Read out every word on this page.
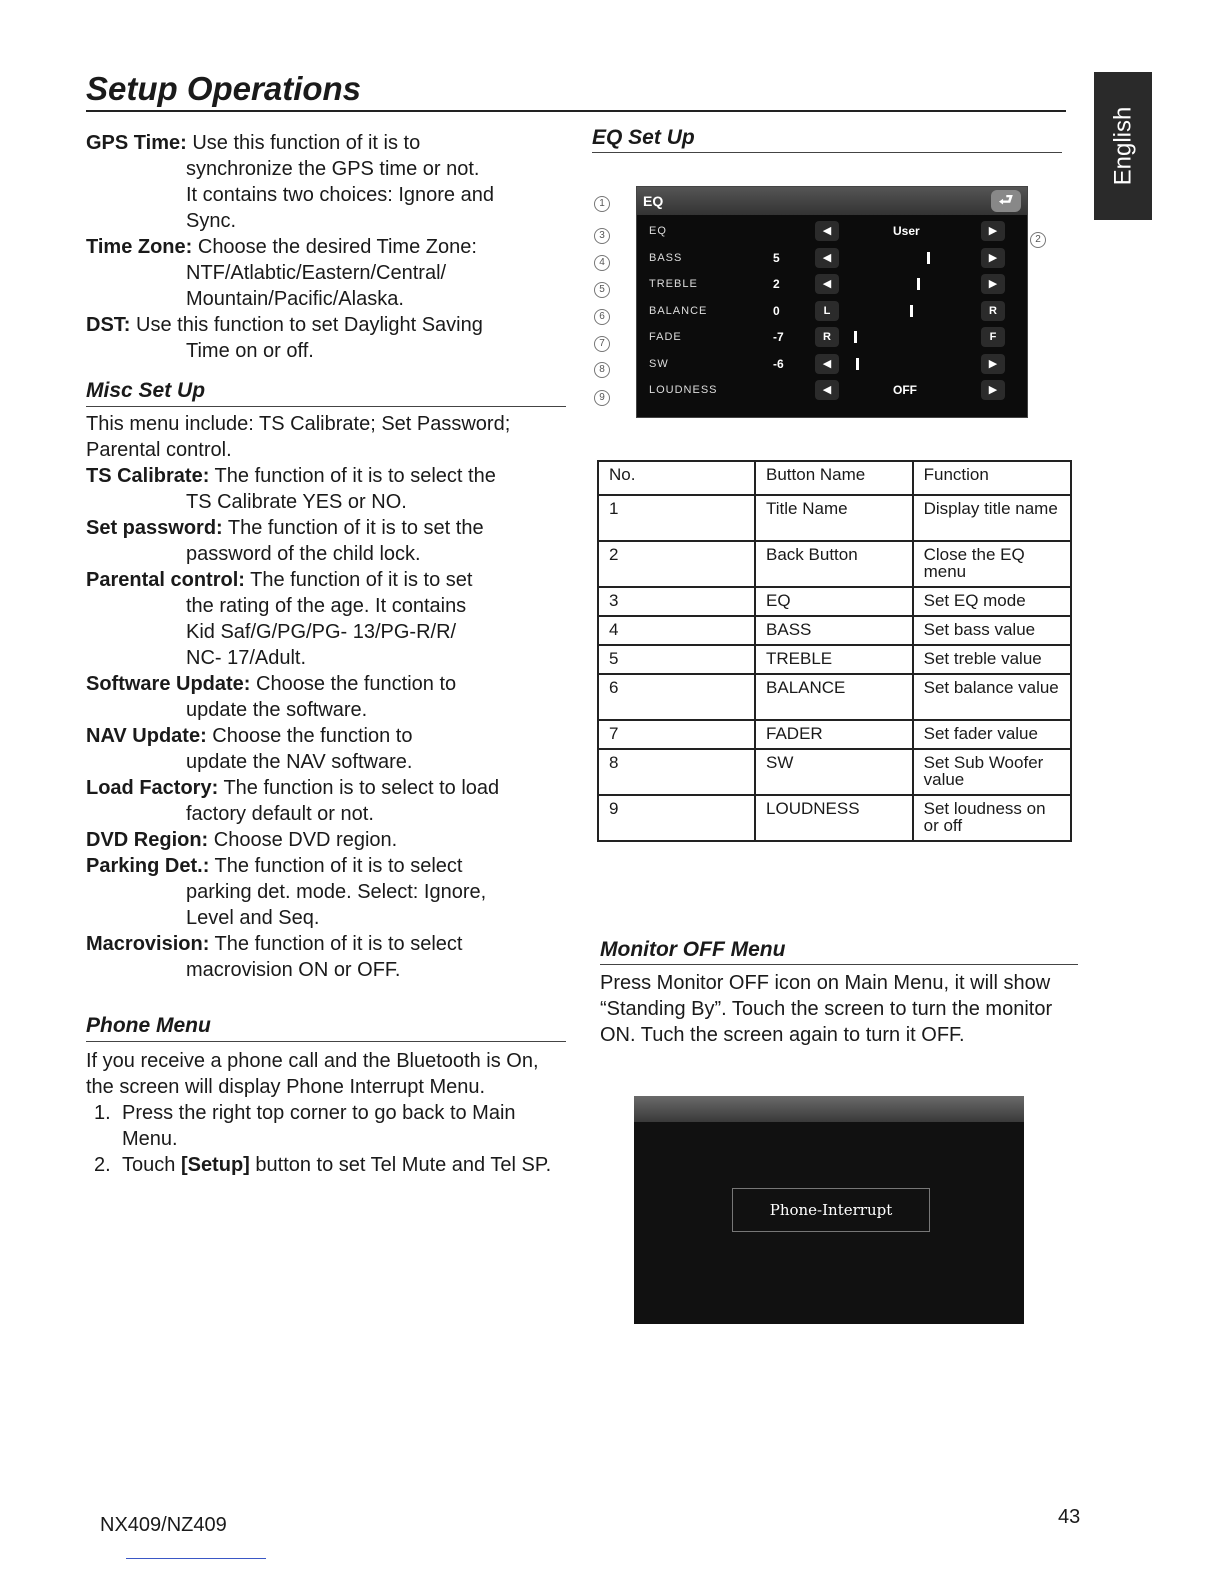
Setup Operations
English

GPS Time: Use this function of it is to

synchronize the GPS time or not.

It contains two choices: Ignore and

Sync.

Time Zone: Choose the desired Time Zone:

NTF/Atlabtic/Eastern/Central/

Mountain/Pacific/Alaska.

DST: Use this function to set Daylight Saving

Time on or off.

Misc Set Up

This menu include: TS Calibrate; Set Password; Parental control.

TS Calibrate: The function of it is to select the

TS Calibrate YES or NO.

Set password: The function of it is to set the

password of the child lock.

Parental control: The function of it is to set

the rating of the age. It contains

Kid Saf/G/PG/PG- 13/PG-R/R/

NC- 17/Adult.

Software Update: Choose the function to

update the software.

NAV Update: Choose the function to

update the NAV software.

Load Factory: The function is to select to load

factory default or not.

DVD Region: Choose DVD region.

Parking Det.: The function of it is to select

parking det. mode. Select: Ignore,

Level and Seq.

Macrovision: The function of it is to select

macrovision ON or OFF.

Phone Menu

If you receive a phone call and the Bluetooth is On, the screen will display Phone Interrupt Menu.

1. Press the right top corner to go back to Main Menu.
2. Touch [Setup] button to set Tel Mute and Tel SP.

EQ Set Up

EQ	⮐
EQ	◀	User	▶
BASS	5	◀	▶
TREBLE	2	◀	▶
BALANCE	0	L	R
FADE	-7	R	F
SW	-6	◀	▶
LOUDNESS	◀	OFF	▶
1
2
3
4
5
6
7
8
9
No.	Button Name	Function
1	Title Name	Display title name
2	Back Button	Close the EQ menu
3	EQ	Set EQ mode
4	BASS	Set bass value
5	TREBLE	Set treble value
6	BALANCE	Set balance value
7	FADER	Set fader value
8	SW	Set Sub Woofer value
9	LOUDNESS	Set loudness on or off

Monitor OFF Menu

Press Monitor OFF icon on Main Menu, it will show “Standing By”. Touch the screen to turn the monitor ON. Tuch the screen again to turn it OFF.

Phone-Interrupt
NX409/NZ409	43
